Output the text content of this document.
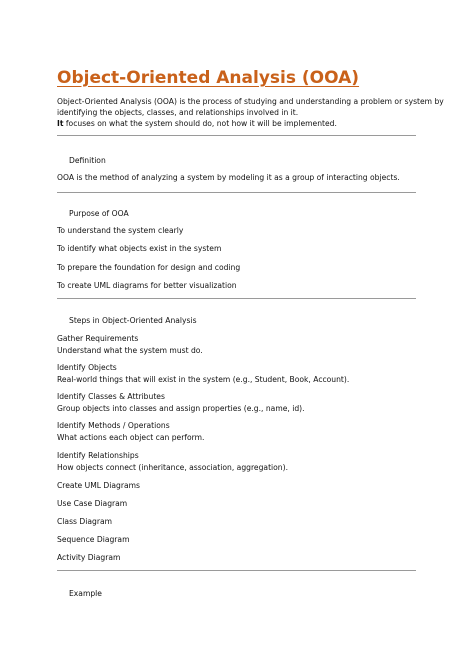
Object-Oriented Analysis (OOA)
Object-Oriented Analysis (OOA) is the process of studying and understanding a problem or system by
identifying the objects, classes, and relationships involved in it.
It focuses on what the system should do, not how it will be implemented.
Definition
OOA is the method of analyzing a system by modeling it as a group of interacting objects.
Purpose of OOA
To understand the system clearly
To identify what objects exist in the system
To prepare the foundation for design and coding
To create UML diagrams for better visualization
Steps in Object-Oriented Analysis
Gather Requirements
Understand what the system must do.
Identify Objects
Real-world things that will exist in the system (e.g., Student, Book, Account).
Identify Classes & Attributes
Group objects into classes and assign properties (e.g., name, id).
Identify Methods / Operations
What actions each object can perform.
Identify Relationships
How objects connect (inheritance, association, aggregation).
Create UML Diagrams
Use Case Diagram
Class Diagram
Sequence Diagram
Activity Diagram
Example
